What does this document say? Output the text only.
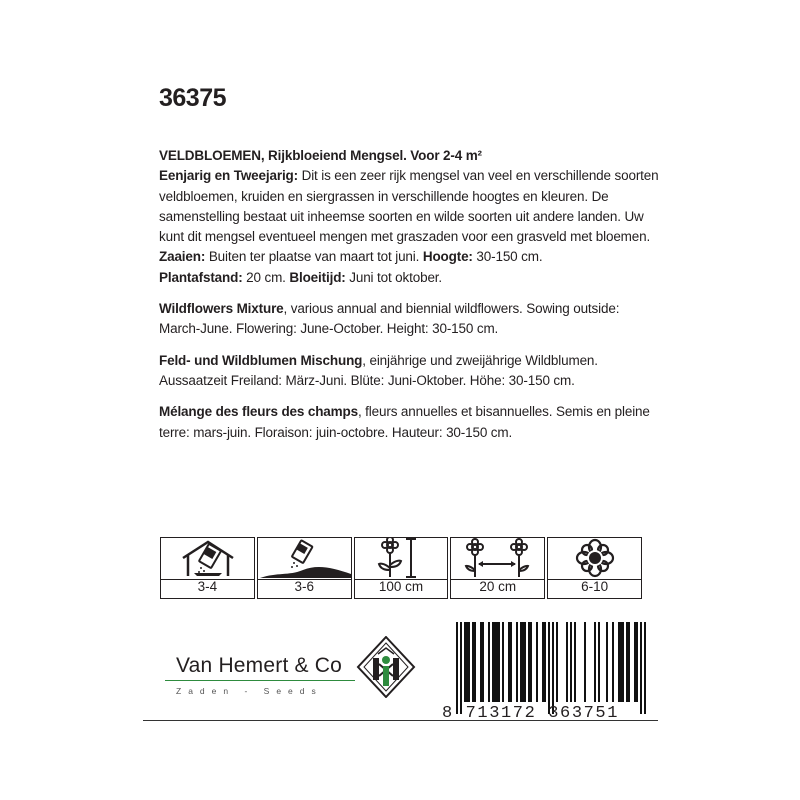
36375

VELDBLOEMEN, Rijkbloeiend Mengsel. Voor 2-4 m²
Eenjarig en Tweejarig: Dit is een zeer rijk mengsel van veel en verschillende soorten veldbloemen, kruiden en siergrassen in verschillende hoogtes en kleuren. De samenstelling bestaat uit inheemse soorten en wilde soorten uit andere landen. Uw kunt dit mengsel eventueel mengen met graszaden voor een grasveld met bloemen. Zaaien: Buiten ter plaatse van maart tot juni. Hoogte: 30-150 cm.
Plantafstand: 20 cm. Bloeitijd: Juni tot oktober.

Wildflowers Mixture, various annual and biennial wildflowers. Sowing outside: March-June. Flowering: June-October. Height: 30-150 cm.

Feld- und Wildblumen Mischung, einjährige und zweijährige Wildblumen. Aussaatzeit Freiland: März-Juni. Blüte: Juni-Oktober. Höhe: 30-150 cm.

Mélange des fleurs des champs, fleurs annuelles et bisannuelles. Semis en pleine terre: mars-juin. Floraison: juin-octobre. Hauteur: 30-150 cm.

3-4	3-6	100 cm	20 cm	6-10
Van Hemert & Co
Zaden - Seeds
8 713172 363751
